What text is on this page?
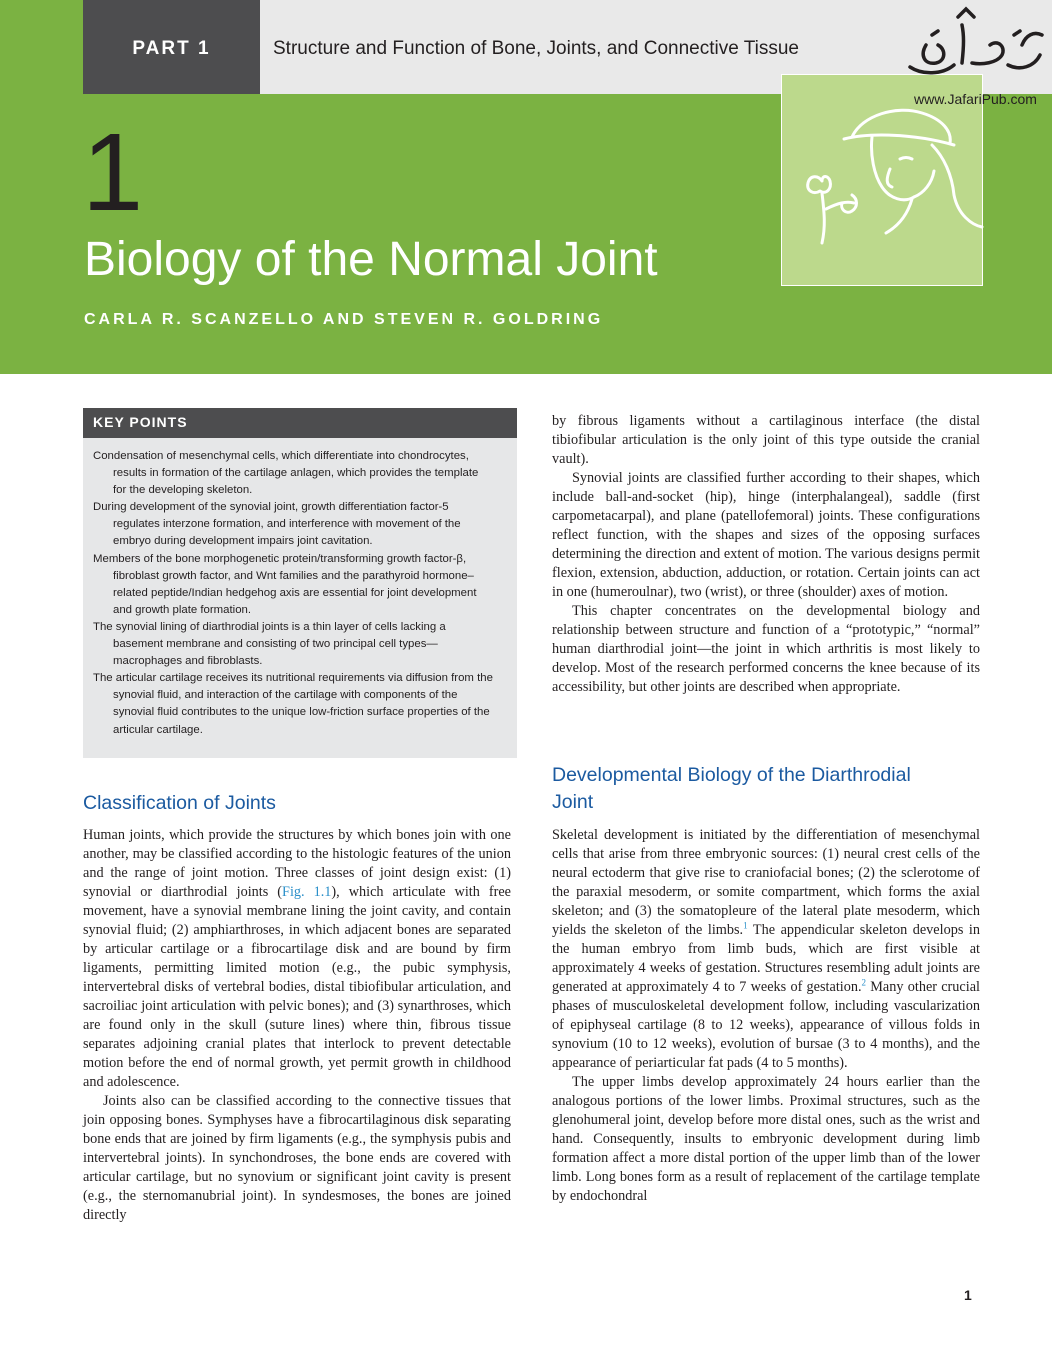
PART 1	Structure and Function of Bone, Joints, and Connective Tissue
1
Biology of the Normal Joint
CARLA R. SCANZELLO AND STEVEN R. GOLDRING
www.JafariPub.com
KEY POINTS
Condensation of mesenchymal cells, which differentiate into chondrocytes, results in formation of the cartilage anlagen, which provides the template for the developing skeleton.
During development of the synovial joint, growth differentiation factor-5 regulates interzone formation, and interference with movement of the embryo during development impairs joint cavitation.
Members of the bone morphogenetic protein/transforming growth factor-β, fibroblast growth factor, and Wnt families and the parathyroid hormone–related peptide/Indian hedgehog axis are essential for joint development and growth plate formation.
The synovial lining of diarthrodial joints is a thin layer of cells lacking a basement membrane and consisting of two principal cell types—macrophages and fibroblasts.
The articular cartilage receives its nutritional requirements via diffusion from the synovial fluid, and interaction of the cartilage with components of the synovial fluid contributes to the unique low-friction surface properties of the articular cartilage.
Classification of Joints

Human joints, which provide the structures by which bones join with one another, may be classified according to the histologic features of the union and the range of joint motion. Three classes of joint design exist: (1) synovial or diarthrodial joints (Fig. 1.1), which articulate with free movement, have a synovial membrane lining the joint cavity, and contain synovial fluid; (2) amphiarthroses, in which adjacent bones are separated by articular cartilage or a fibrocartilage disk and are bound by firm ligaments, permitting limited motion (e.g., the pubic symphysis, intervertebral disks of vertebral bodies, distal tibiofibular articulation, and sacroiliac joint articulation with pelvic bones); and (3) synarthroses, which are found only in the skull (suture lines) where thin, fibrous tissue separates adjoining cranial plates that interlock to prevent detectable motion before the end of normal growth, yet permit growth in childhood and adolescence.

Joints also can be classified according to the connective tissues that join opposing bones. Symphyses have a fibrocartilaginous disk separating bone ends that are joined by firm ligaments (e.g., the symphysis pubis and intervertebral joints). In synchondroses, the bone ends are covered with articular cartilage, but no synovium or significant joint cavity is present (e.g., the sternomanubrial joint). In syndesmoses, the bones are joined directly

by fibrous ligaments without a cartilaginous interface (the distal tibiofibular articulation is the only joint of this type outside the cranial vault).

Synovial joints are classified further according to their shapes, which include ball-and-socket (hip), hinge (interphalangeal), saddle (first carpometacarpal), and plane (patellofemoral) joints. These configurations reflect function, with the shapes and sizes of the opposing surfaces determining the direction and extent of motion. The various designs permit flexion, extension, abduction, adduction, or rotation. Certain joints can act in one (humeroulnar), two (wrist), or three (shoulder) axes of motion.

This chapter concentrates on the developmental biology and relationship between structure and function of a “prototypic,” “normal” human diarthrodial joint—the joint in which arthritis is most likely to develop. Most of the research performed concerns the knee because of its accessibility, but other joints are described when appropriate.

Developmental Biology of the Diarthrodial Joint

Skeletal development is initiated by the differentiation of mesenchymal cells that arise from three embryonic sources: (1) neural crest cells of the neural ectoderm that give rise to craniofacial bones; (2) the sclerotome of the paraxial mesoderm, or somite compartment, which forms the axial skeleton; and (3) the somatopleure of the lateral plate mesoderm, which yields the skeleton of the limbs.$^1$ The appendicular skeleton develops in the human embryo from limb buds, which are first visible at approximately 4 weeks of gestation. Structures resembling adult joints are generated at approximately 4 to 7 weeks of gestation.$^2$ Many other crucial phases of musculoskeletal development follow, including vascularization of epiphyseal cartilage (8 to 12 weeks), appearance of villous folds in synovium (10 to 12 weeks), evolution of bursae (3 to 4 months), and the appearance of periarticular fat pads (4 to 5 months).

The upper limbs develop approximately 24 hours earlier than the analogous portions of the lower limbs. Proximal structures, such as the glenohumeral joint, develop before more distal ones, such as the wrist and hand. Consequently, insults to embryonic development during limb formation affect a more distal portion of the upper limb than of the lower limb. Long bones form as a result of replacement of the cartilage template by endochondral

1
